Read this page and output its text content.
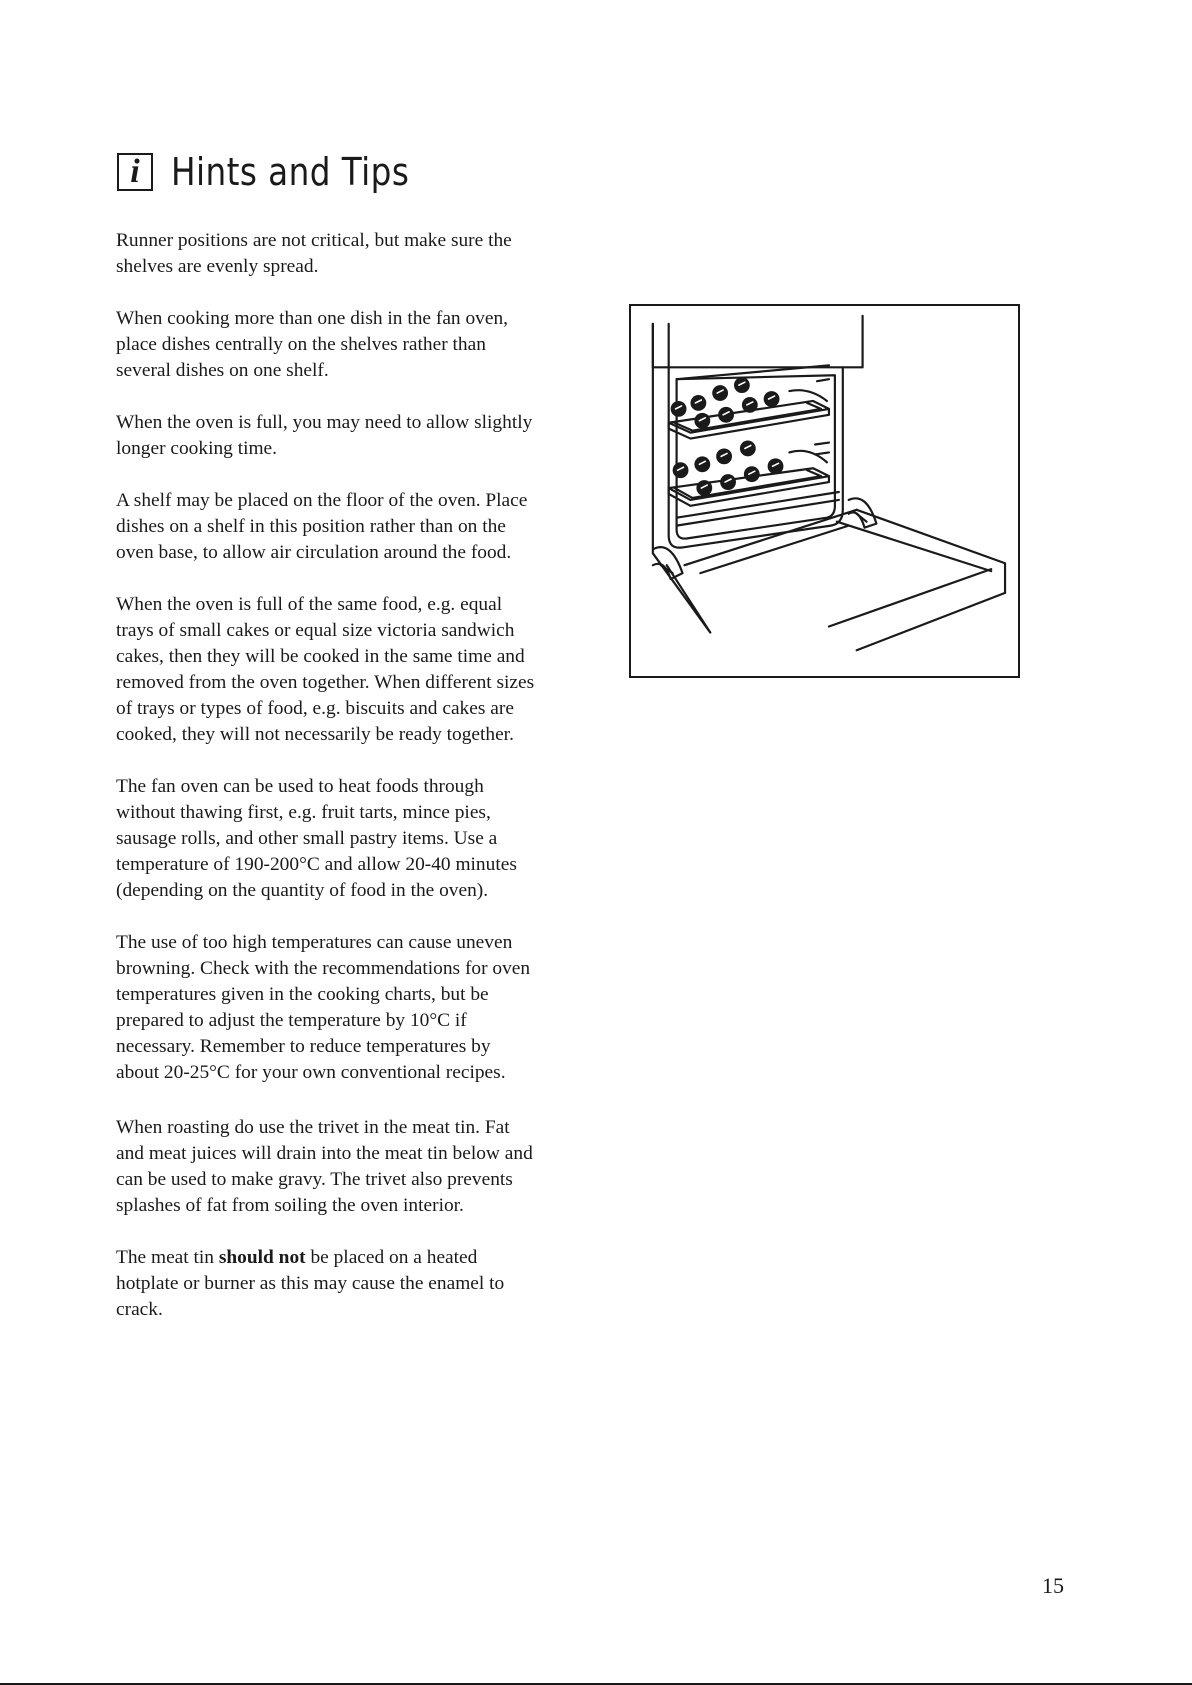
i Hints and Tips

Runner positions are not critical, but make sure the
shelves are evenly spread.

When cooking more than one dish in the fan oven,
place dishes centrally on the shelves rather than
several dishes on one shelf.

When the oven is full, you may need to allow slightly
longer cooking time.

A shelf may be placed on the floor of the oven. Place
dishes on a shelf in this position rather than on the
oven base, to allow air circulation around the food.

When the oven is full of the same food, e.g. equal
trays of small cakes or equal size victoria sandwich
cakes, then they will be cooked in the same time and
removed from the oven together. When different sizes
of trays or types of food, e.g. biscuits and cakes are
cooked, they will not necessarily be ready together.

The fan oven can be used to heat foods through
without thawing first, e.g. fruit tarts, mince pies,
sausage rolls, and other small pastry items. Use a
temperature of 190-200°C and allow 20-40 minutes
(depending on the quantity of food in the oven).

The use of too high temperatures can cause uneven
browning. Check with the recommendations for oven
temperatures given in the cooking charts, but be
prepared to adjust the temperature by 10°C if
necessary. Remember to reduce temperatures by
about 20-25°C for your own conventional recipes.

When roasting do use the trivet in the meat tin. Fat
and meat juices will drain into the meat tin below and
can be used to make gravy. The trivet also prevents
splashes of fat from soiling the oven interior.

The meat tin should not be placed on a heated
hotplate or burner as this may cause the enamel to
crack.

15
